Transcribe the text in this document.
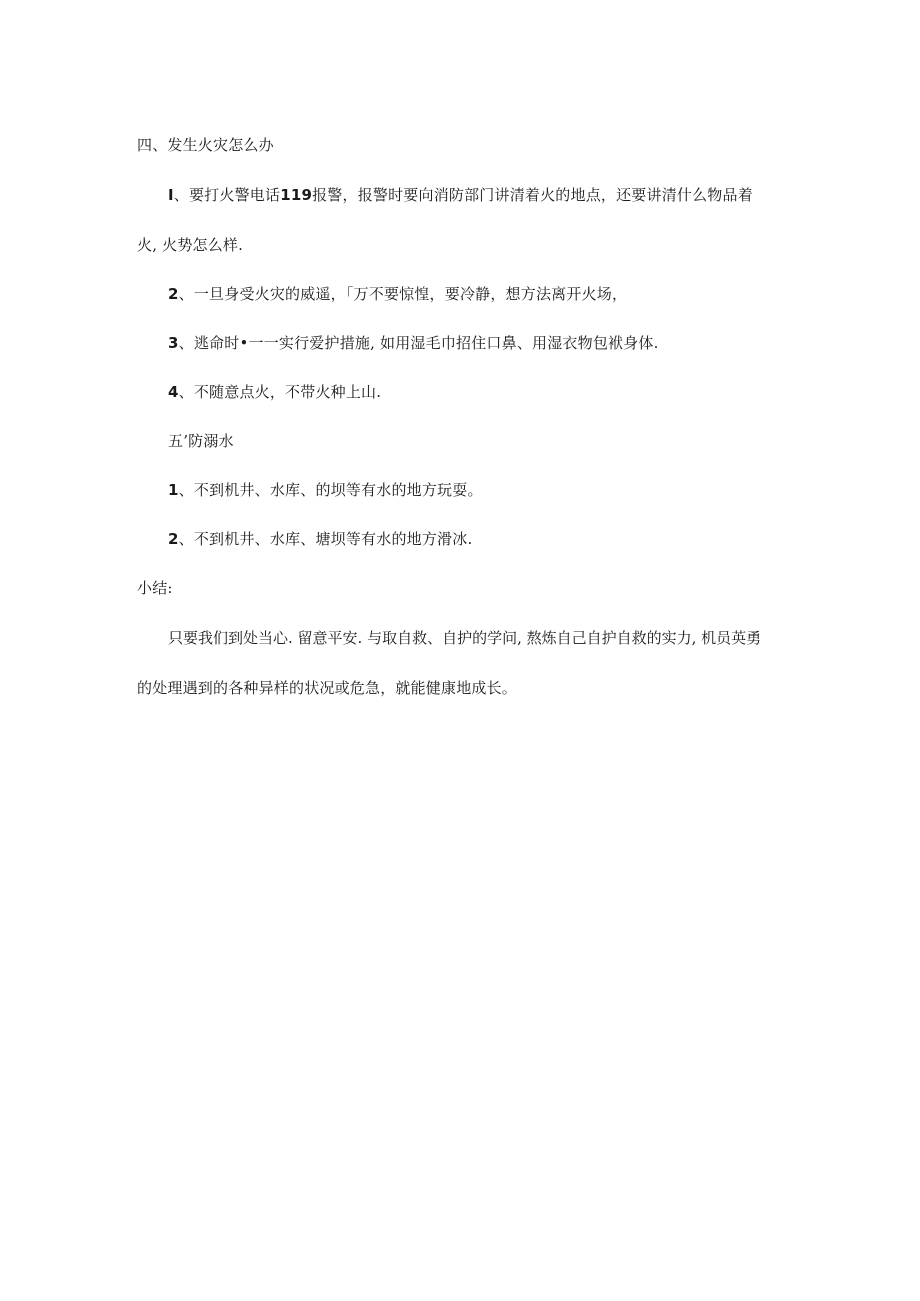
四、发生火灾怎么办
I、要打火警电话119报警，报警时要向消防部门讲清着火的地点，还要讲清什么物品着
火, 火势怎么样.
2、一旦身受火灾的威遥，「万不要惊惶，要冷静，想方法离开火场，
3、逃命时•一一实行爱护措施, 如用湿毛巾招住口鼻、用湿衣物包袱身体.
4、不随意点火，不带火种上山.
五’防溺水
1、不到机井、水库、的坝等有水的地方玩耍。
2、不到机井、水库、塘坝等有水的地方滑冰.
小结:
只要我们到处当心. 留意平安. 与取自救、自护的学问, 熬炼自己自护自救的实力, 机员英勇
的处理遇到的各种异样的状况或危急，就能健康地成长。
